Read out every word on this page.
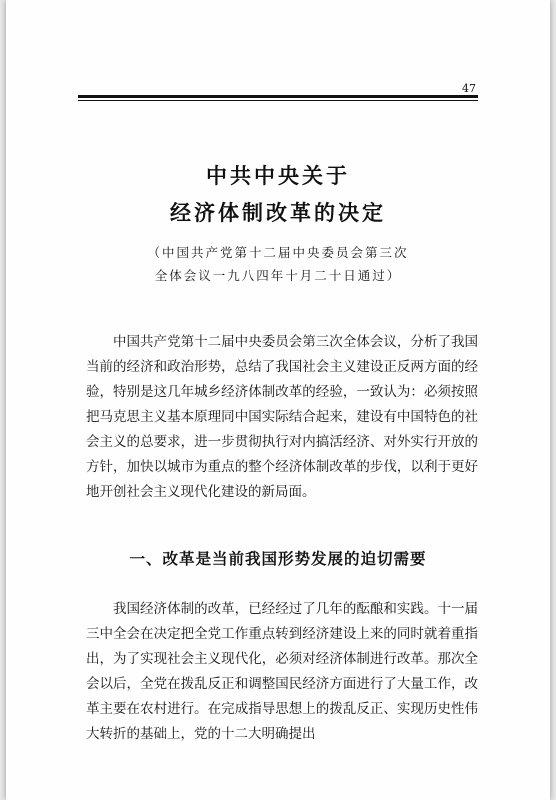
47
中共中央关于
经济体制改革的决定
（中国共产党第十二届中央委员会第三次
全体会议一九八四年十月二十日通过）

中国共产党第十二届中央委员会第三次全体会议，分析了我国当前的经济和政治形势，总结了我国社会主义建设正反两方面的经验，特别是这几年城乡经济体制改革的经验，一致认为：必须按照把马克思主义基本原理同中国实际结合起来，建设有中国特色的社会主义的总要求，进一步贯彻执行对内搞活经济、对外实行开放的方针，加快以城市为重点的整个经济体制改革的步伐，以利于更好地开创社会主义现代化建设的新局面。

一、改革是当前我国形势发展的迫切需要

我国经济体制的改革，已经经过了几年的酝酿和实践。十一届三中全会在决定把全党工作重点转到经济建设上来的同时就着重指出，为了实现社会主义现代化，必须对经济体制进行改革。那次全会以后，全党在拨乱反正和调整国民经济方面进行了大量工作，改革主要在农村进行。在完成指导思想上的拨乱反正、实现历史性伟大转折的基础上，党的十二大明确提出
